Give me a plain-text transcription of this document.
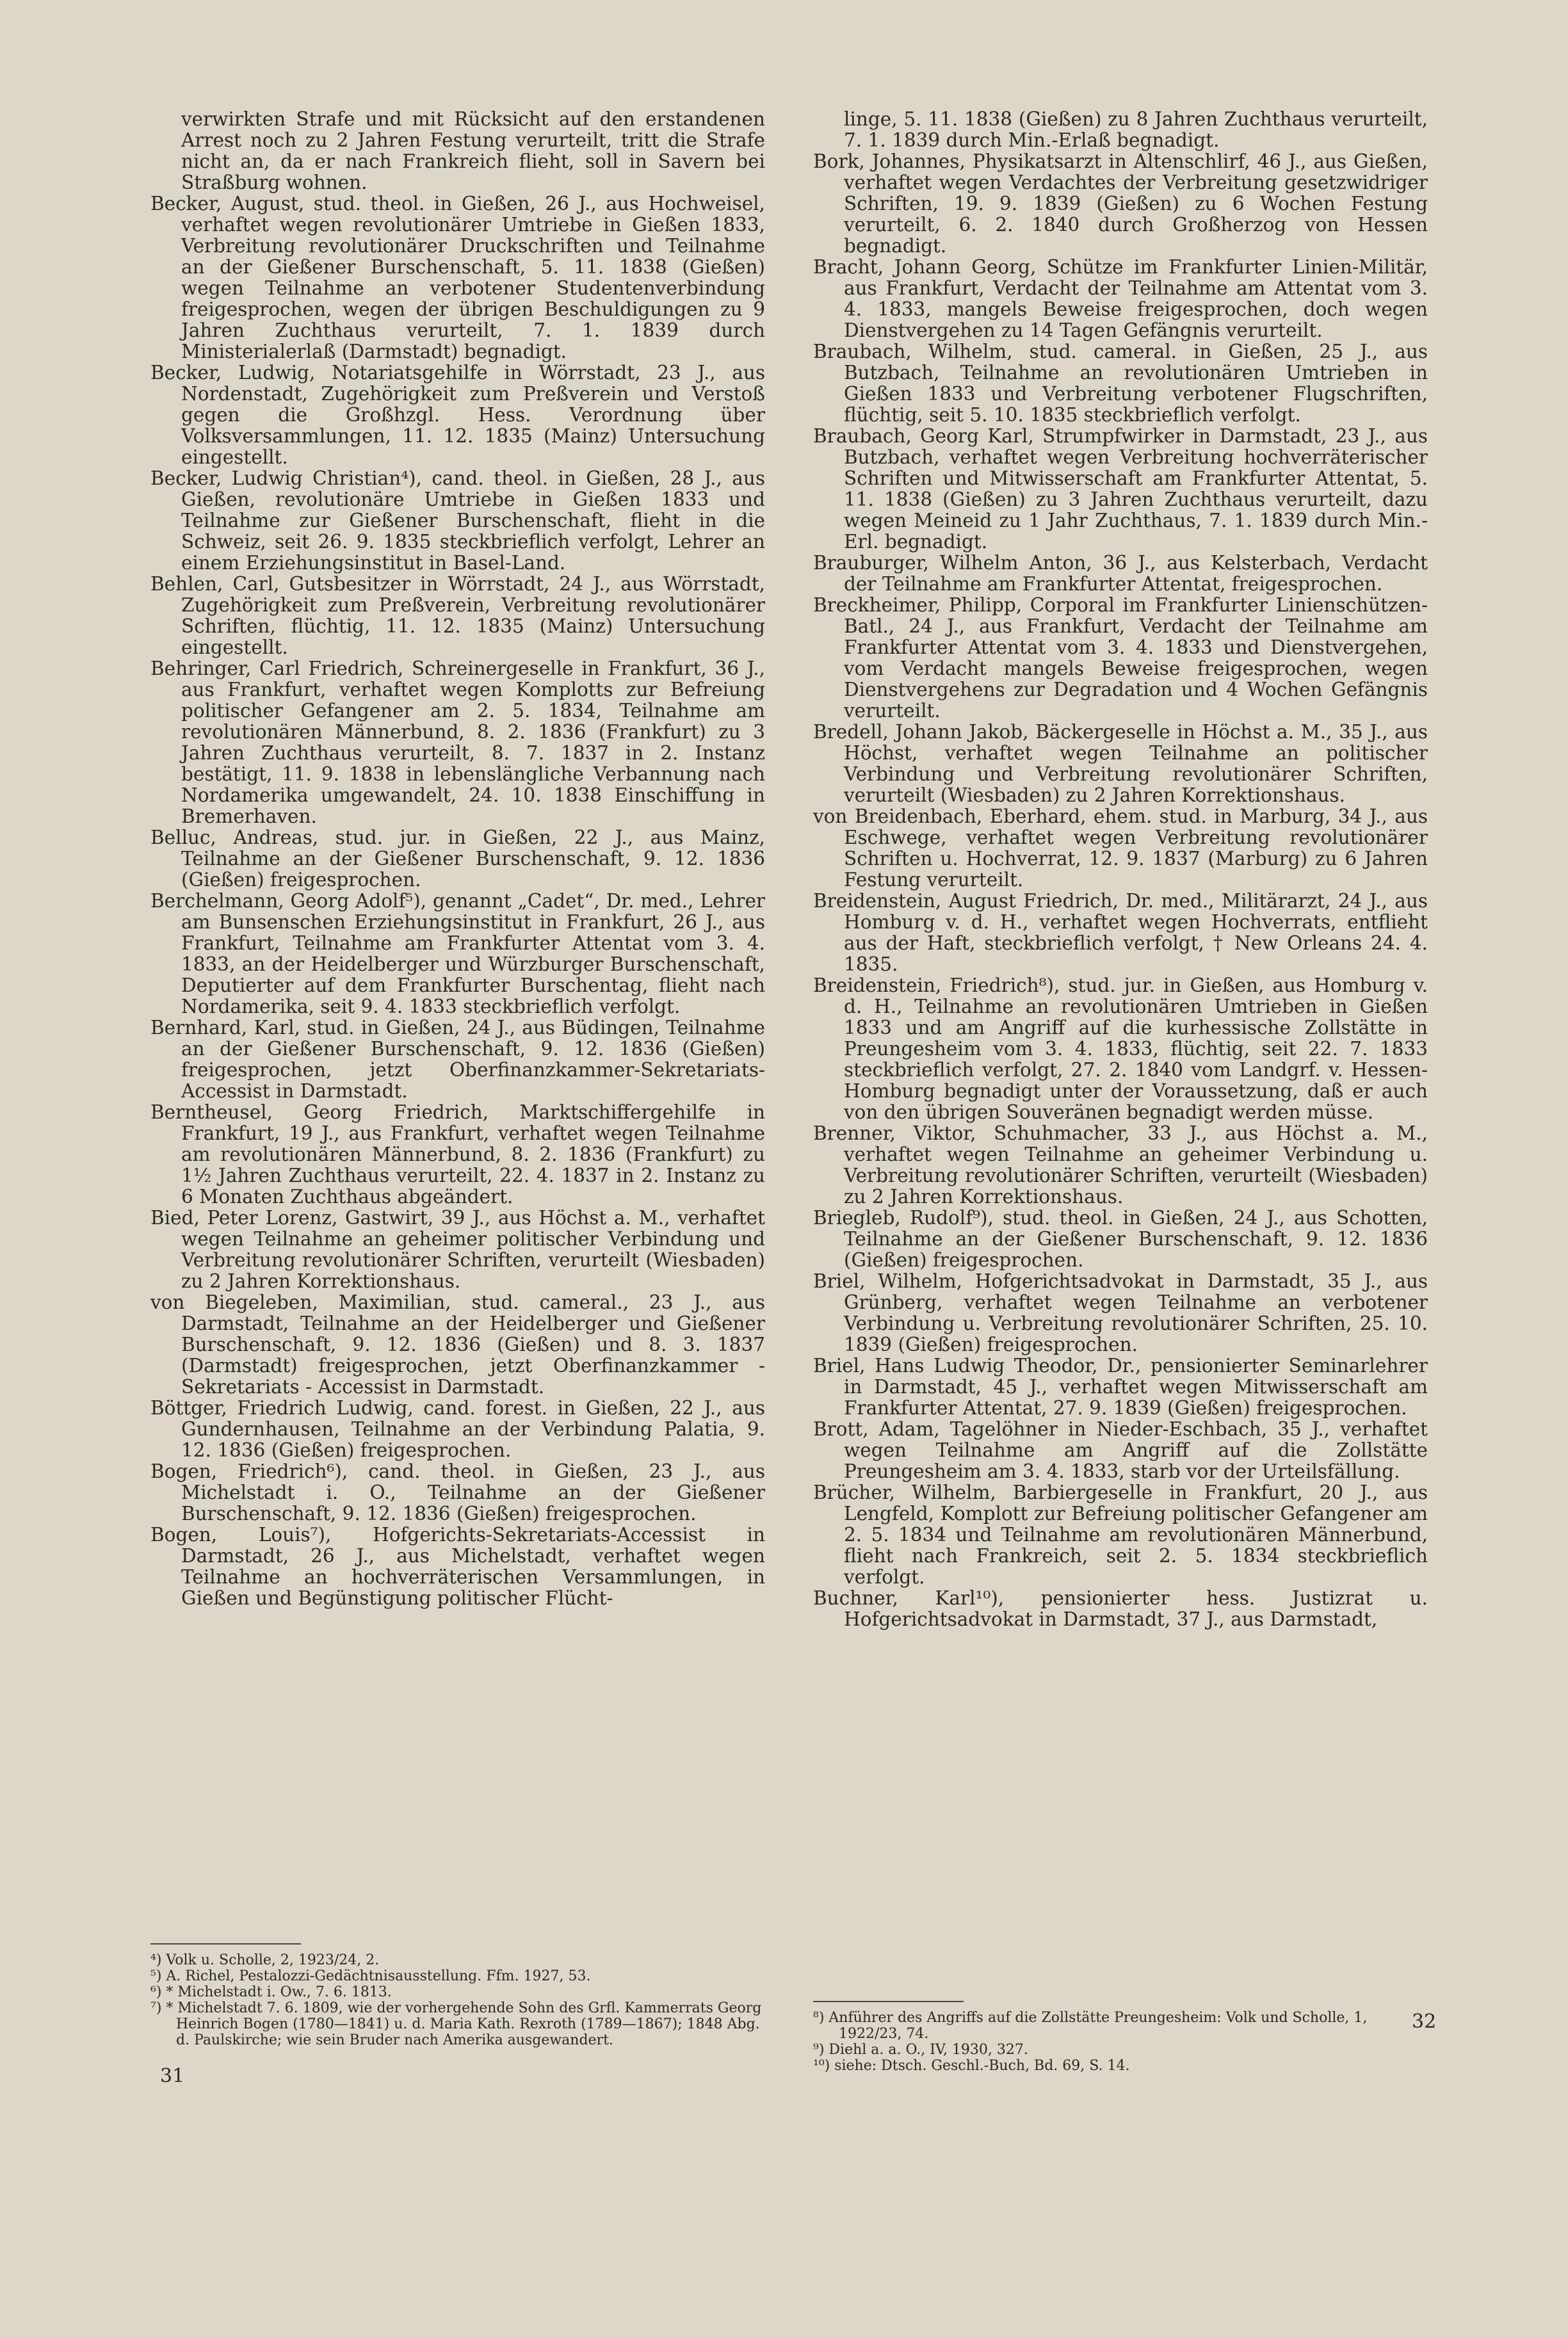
verwirkten Strafe und mit Rücksicht auf den erstandenen Arrest noch zu 2 Jahren Festung verurteilt, tritt die Strafe nicht an, da er nach Frankreich flieht, soll in Savern bei Straßburg wohnen.

Becker, August, stud. theol. in Gießen, 26 J., aus Hochweisel, verhaftet wegen revolutionärer Umtriebe in Gießen 1833, Verbreitung revolutionärer Druckschriften und Teilnahme an der Gießener Burschenschaft, 5. 11. 1838 (Gießen) wegen Teilnahme an verbotener Studentenverbindung freigesprochen, wegen der übrigen Beschuldigungen zu 9 Jahren Zuchthaus verurteilt, 7. 1. 1839 durch Ministerialerlaß (Darmstadt) begnadigt.

Becker, Ludwig, Notariatsgehilfe in Wörrstadt, 23 J., aus Nordenstadt, Zugehörigkeit zum Preßverein und Verstoß gegen die Großhzgl. Hess. Verordnung über Volksversammlungen, 11. 12. 1835 (Mainz) Untersuchung eingestellt.

Becker, Ludwig Christian⁴), cand. theol. in Gießen, 28 J., aus Gießen, revolutionäre Umtriebe in Gießen 1833 und Teilnahme zur Gießener Burschenschaft, flieht in die Schweiz, seit 26. 9. 1835 steckbrieflich verfolgt, Lehrer an einem Erziehungsinstitut in Basel-Land.

Behlen, Carl, Gutsbesitzer in Wörrstadt, 24 J., aus Wörrstadt, Zugehörigkeit zum Preßverein, Verbreitung revolutionärer Schriften, flüchtig, 11. 12. 1835 (Mainz) Untersuchung eingestellt.

Behringer, Carl Friedrich, Schreinergeselle in Frankfurt, 36 J., aus Frankfurt, verhaftet wegen Komplotts zur Befreiung politischer Gefangener am 2. 5. 1834, Teilnahme am revolutionären Männerbund, 8. 2. 1836 (Frankfurt) zu 3 Jahren Zuchthaus verurteilt, 8. 7. 1837 in 2. Instanz bestätigt, 11. 9. 1838 in lebenslängliche Verbannung nach Nordamerika umgewandelt, 24. 10. 1838 Einschiffung in Bremerhaven.

Belluc, Andreas, stud. jur. in Gießen, 22 J., aus Mainz, Teilnahme an der Gießener Burschenschaft, 9. 12. 1836 (Gießen) freigesprochen.

Berchelmann, Georg Adolf⁵), genannt „Cadet“, Dr. med., Lehrer am Bunsenschen Erziehungsinstitut in Frankfurt, 26 J., aus Frankfurt, Teilnahme am Frankfurter Attentat vom 3. 4. 1833, an der Heidelberger und Würzburger Burschenschaft, Deputierter auf dem Frankfurter Burschentag, flieht nach Nordamerika, seit 9. 4. 1833 steckbrieflich verfolgt.

Bernhard, Karl, stud. in Gießen, 24 J., aus Büdingen, Teilnahme an der Gießener Burschenschaft, 9. 12. 1836 (Gießen) freigesprochen, jetzt Oberfinanzkammer-Sekretariats-Accessist in Darmstadt.

Berntheusel, Georg Friedrich, Marktschiffergehilfe in Frankfurt, 19 J., aus Frankfurt, verhaftet wegen Teilnahme am revolutionären Männerbund, 8. 2. 1836 (Frankfurt) zu 1½ Jahren Zuchthaus verurteilt, 22. 4. 1837 in 2. Instanz zu 6 Monaten Zuchthaus abgeändert.

Bied, Peter Lorenz, Gastwirt, 39 J., aus Höchst a. M., verhaftet wegen Teilnahme an geheimer politischer Verbindung und Verbreitung revolutionärer Schriften, verurteilt (Wiesbaden) zu 2 Jahren Korrektionshaus.

von Biegeleben, Maximilian, stud. cameral., 23 J., aus Darmstadt, Teilnahme an der Heidelberger und Gießener Burschenschaft, 9. 12. 1836 (Gießen) und 8. 3. 1837 (Darmstadt) freigesprochen, jetzt Oberfinanzkammer - Sekretariats - Accessist in Darmstadt.

Böttger, Friedrich Ludwig, cand. forest. in Gießen, 22 J., aus Gundernhausen, Teilnahme an der Verbindung Palatia, 9. 12. 1836 (Gießen) freigesprochen.

Bogen, Friedrich⁶), cand. theol. in Gießen, 23 J., aus Michelstadt i. O., Teilnahme an der Gießener Burschenschaft, 9. 12. 1836 (Gießen) freigesprochen.

Bogen, Louis⁷), Hofgerichts-Sekretariats-Accessist in Darmstadt, 26 J., aus Michelstadt, verhaftet wegen Teilnahme an hochverräterischen Versammlungen, in Gießen und Begünstigung politischer Flücht-

⁴) Volk u. Scholle, 2, 1923/24, 2.

⁵) A. Richel, Pestalozzi-Gedächtnisausstellung. Ffm. 1927, 53.

⁶) * Michelstadt i. Ow., 7. 6. 1813.

⁷) * Michelstadt 7. 6. 1809, wie der vorhergehende Sohn des Grfl. Kammerrats Georg Heinrich Bogen (1780—1841) u. d. Maria Kath. Rexroth (1789—1867); 1848 Abg. d. Paulskirche; wie sein Bruder nach Amerika ausgewandert.

linge, 5. 11. 1838 (Gießen) zu 8 Jahren Zuchthaus verurteilt, 7. 1. 1839 durch Min.-Erlaß begnadigt.

Bork, Johannes, Physikatsarzt in Altenschlirf, 46 J., aus Gießen, verhaftet wegen Verdachtes der Verbreitung gesetzwidriger Schriften, 19. 9. 1839 (Gießen) zu 6 Wochen Festung verurteilt, 6. 2. 1840 durch Großherzog von Hessen begnadigt.

Bracht, Johann Georg, Schütze im Frankfurter Linien-Militär, aus Frankfurt, Verdacht der Teilnahme am Attentat vom 3. 4. 1833, mangels Beweise freigesprochen, doch wegen Dienstvergehen zu 14 Tagen Gefängnis verurteilt.

Braubach, Wilhelm, stud. cameral. in Gießen, 25 J., aus Butzbach, Teilnahme an revolutionären Umtrieben in Gießen 1833 und Verbreitung verbotener Flugschriften, flüchtig, seit 5. 10. 1835 steckbrieflich verfolgt.

Braubach, Georg Karl, Strumpfwirker in Darmstadt, 23 J., aus Butzbach, verhaftet wegen Verbreitung hochverräterischer Schriften und Mitwisserschaft am Frankfurter Attentat, 5. 11. 1838 (Gießen) zu 3 Jahren Zuchthaus verurteilt, dazu wegen Meineid zu 1 Jahr Zuchthaus, 7. 1. 1839 durch Min.-Erl. begnadigt.

Brauburger, Wilhelm Anton, 36 J., aus Kelsterbach, Verdacht der Teilnahme am Frankfurter Attentat, freigesprochen.

Breckheimer, Philipp, Corporal im Frankfurter Linienschützen-Batl., 24 J., aus Frankfurt, Verdacht der Teilnahme am Frankfurter Attentat vom 3. 4. 1833 und Dienstvergehen, vom Verdacht mangels Beweise freigesprochen, wegen Dienstvergehens zur Degradation und 4 Wochen Gefängnis verurteilt.

Bredell, Johann Jakob, Bäckergeselle in Höchst a. M., 35 J., aus Höchst, verhaftet wegen Teilnahme an politischer Verbindung und Verbreitung revolutionärer Schriften, verurteilt (Wiesbaden) zu 2 Jahren Korrektionshaus.

von Breidenbach, Eberhard, ehem. stud. in Marburg, 34 J., aus Eschwege, verhaftet wegen Verbreitung revolutionärer Schriften u. Hochverrat, 12. 9. 1837 (Marburg) zu 6 Jahren Festung verurteilt.

Breidenstein, August Friedrich, Dr. med., Militärarzt, 24 J., aus Homburg v. d. H., verhaftet wegen Hochverrats, entflieht aus der Haft, steckbrieflich verfolgt, † New Orleans 24. 4. 1835.

Breidenstein, Friedrich⁸), stud. jur. in Gießen, aus Homburg v. d. H., Teilnahme an revolutionären Umtrieben in Gießen 1833 und am Angriff auf die kurhessische Zollstätte in Preungesheim vom 3. 4. 1833, flüchtig, seit 22. 7. 1833 steckbrieflich verfolgt, 27. 2. 1840 vom Landgrf. v. Hessen-Homburg begnadigt unter der Voraussetzung, daß er auch von den übrigen Souveränen begnadigt werden müsse.

Brenner, Viktor, Schuhmacher, 33 J., aus Höchst a. M., verhaftet wegen Teilnahme an geheimer Verbindung u. Verbreitung revolutionärer Schriften, verurteilt (Wiesbaden) zu 2 Jahren Korrektionshaus.

Briegleb, Rudolf⁹), stud. theol. in Gießen, 24 J., aus Schotten, Teilnahme an der Gießener Burschenschaft, 9. 12. 1836 (Gießen) freigesprochen.

Briel, Wilhelm, Hofgerichtsadvokat in Darmstadt, 35 J., aus Grünberg, verhaftet wegen Teilnahme an verbotener Verbindung u. Verbreitung revolutionärer Schriften, 25. 10. 1839 (Gießen) freigesprochen.

Briel, Hans Ludwig Theodor, Dr., pensionierter Seminarlehrer in Darmstadt, 45 J., verhaftet wegen Mitwisserschaft am Frankfurter Attentat, 27. 9. 1839 (Gießen) freigesprochen.

Brott, Adam, Tagelöhner in Nieder-Eschbach, 35 J., verhaftet wegen Teilnahme am Angriff auf die Zollstätte Preungesheim am 3. 4. 1833, starb vor der Urteilsfällung.

Brücher, Wilhelm, Barbiergeselle in Frankfurt, 20 J., aus Lengfeld, Komplott zur Befreiung politischer Gefangener am 2. 5. 1834 und Teilnahme am revolutionären Männerbund, flieht nach Frankreich, seit 2. 5. 1834 steckbrieflich verfolgt.

Buchner, Karl¹⁰), pensionierter hess. Justizrat u. Hofgerichtsadvokat in Darmstadt, 37 J., aus Darmstadt,

⁸) Anführer des Angriffs auf die Zollstätte Preungesheim: Volk und Scholle, 1, 1922/23, 74.

⁹) Diehl a. a. O., IV, 1930, 327.

¹⁰) siehe: Dtsch. Geschl.-Buch, Bd. 69, S. 14.

31
32
